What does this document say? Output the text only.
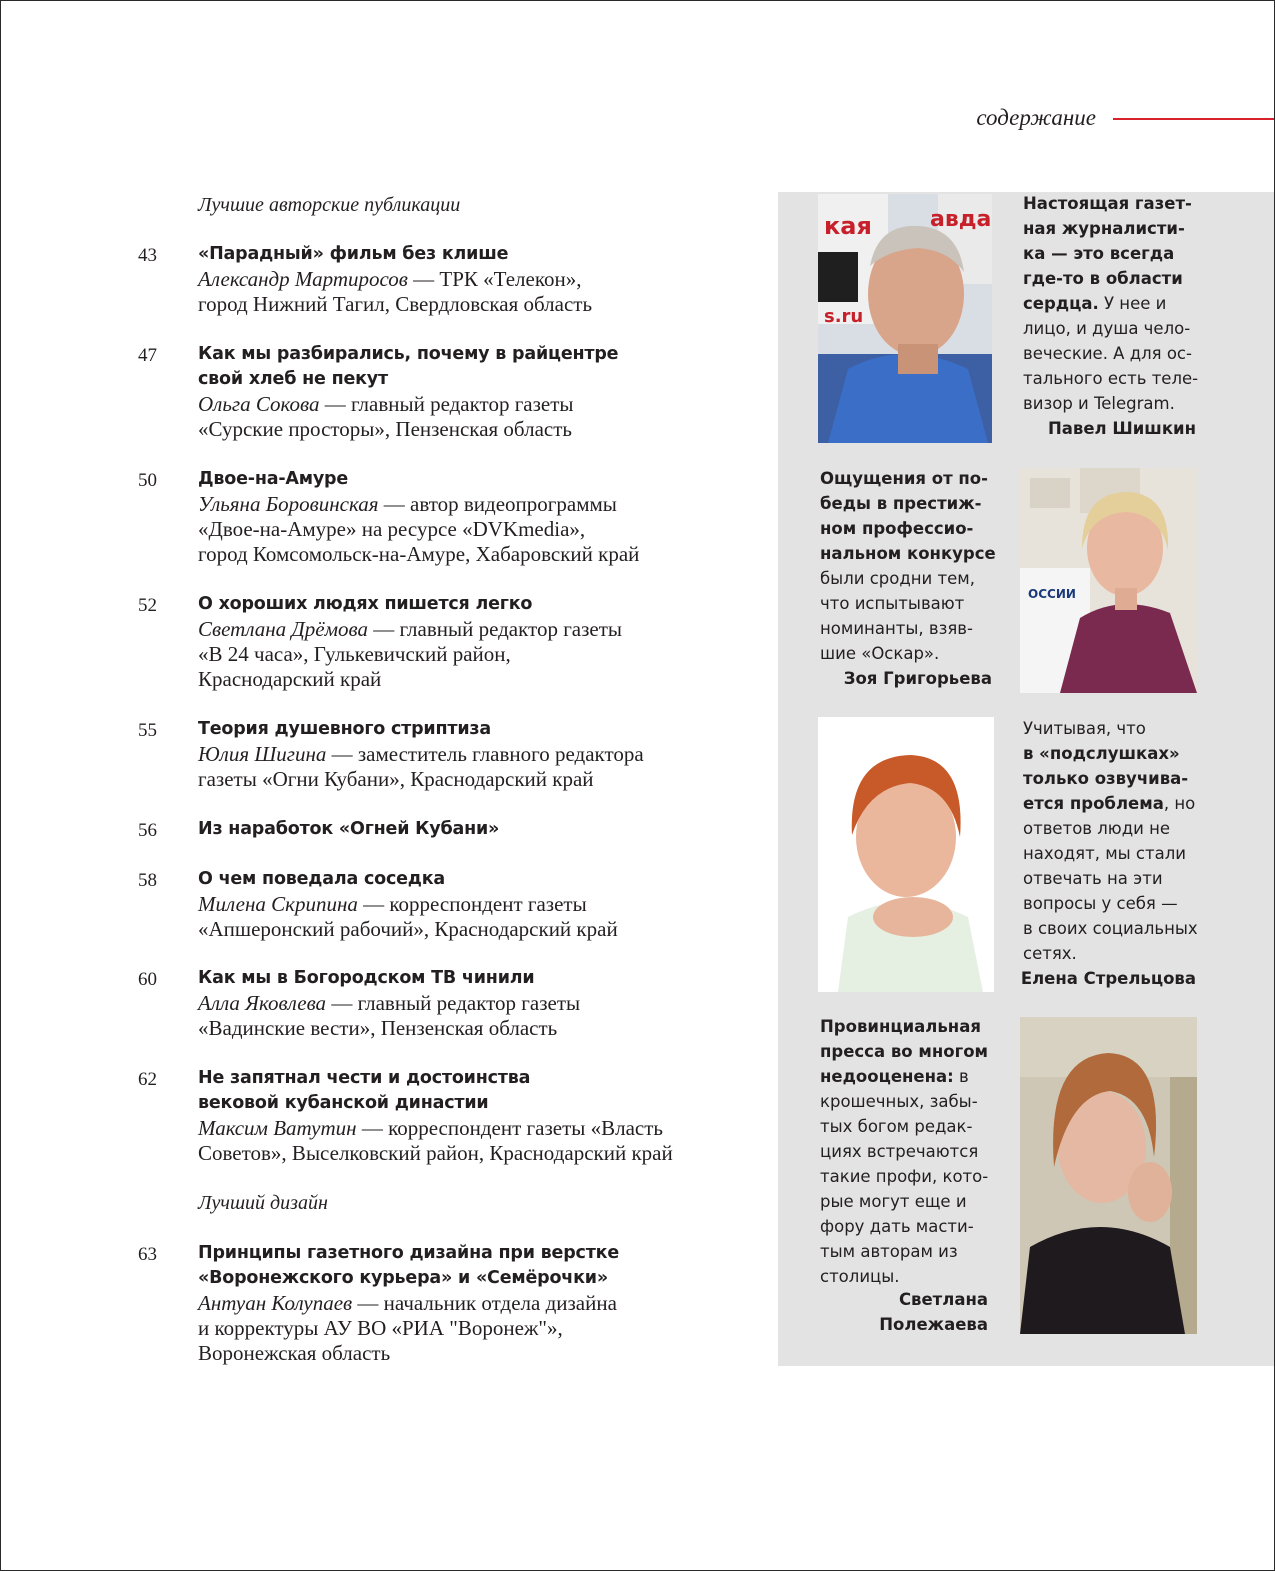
содержание
Лучшие авторские публикации
43 «Парадный» фильм без клише
Александр Мартиросов — ТРК «Телекон»,
город Нижний Тагил, Свердловская область
47 Как мы разбирались, почему в райцентре
свой хлеб не пекут
Ольга Сокова — главный редактор газеты
«Сурские просторы», Пензенская область
50 Двое-на-Амуре
Ульяна Боровинская — автор видеопрограммы
«Двое-на-Амуре» на ресурсе «DVKmedia»,
город Комсомольск-на-Амуре, Хабаровский край
52 О хороших людях пишется легко
Светлана Дрёмова — главный редактор газеты
«В 24 часа», Гулькевичский район,
Краснодарский край
55 Теория душевного стриптиза
Юлия Шигина — заместитель главного редактора
газеты «Огни Кубани», Краснодарский край
56 Из наработок «Огней Кубани»
58 О чем поведала соседка
Милена Скрипина — корреспондент газеты
«Апшеронский рабочий», Краснодарский край
60 Как мы в Богородском ТВ чинили
Алла Яковлева — главный редактор газеты
«Вадинские вести», Пензенская область
62 Не запятнал чести и достоинства
вековой кубанской династии
Максим Ватутин — корреспондент газеты «Власть
Советов», Выселковский район, Краснодарский край
Лучший дизайн
63 Принципы газетного дизайна при верстке
«Воронежского курьера» и «Семёрочки»
Антуан Колупаев — начальник отдела дизайна
и корректуры АУ ВО «РИА "Воронеж"»,
Воронежская область
кая
s.ru
авда
Настоящая газет-
ная журналисти-
ка — это всегда
где-то в области
сердца. У нее и
лицо, и душа чело-
веческие. А для ос-
тального есть теле-
визор и Telegram.
Павел Шишкин
Ощущения от по-
беды в престиж-
ном профессио-
нальном конкурсе
были сродни тем,
что испытывают
номинанты, взяв-
шие «Оскар».
Зоя Григорьева
ОССИИ
Учитывая, что
в «подслушках»
только озвучива-
ется проблема, но
ответов люди не
находят, мы стали
отвечать на эти
вопросы у себя —
в своих социальных
сетях.
Елена Стрельцова
Провинциальная
пресса во многом
недооценена: в
крошечных, забы-
тых богом редак-
циях встречаются
такие профи, кото-
рые могут еще и
фору дать масти-
тым авторам из
столицы.
Светлана
Полежаева
